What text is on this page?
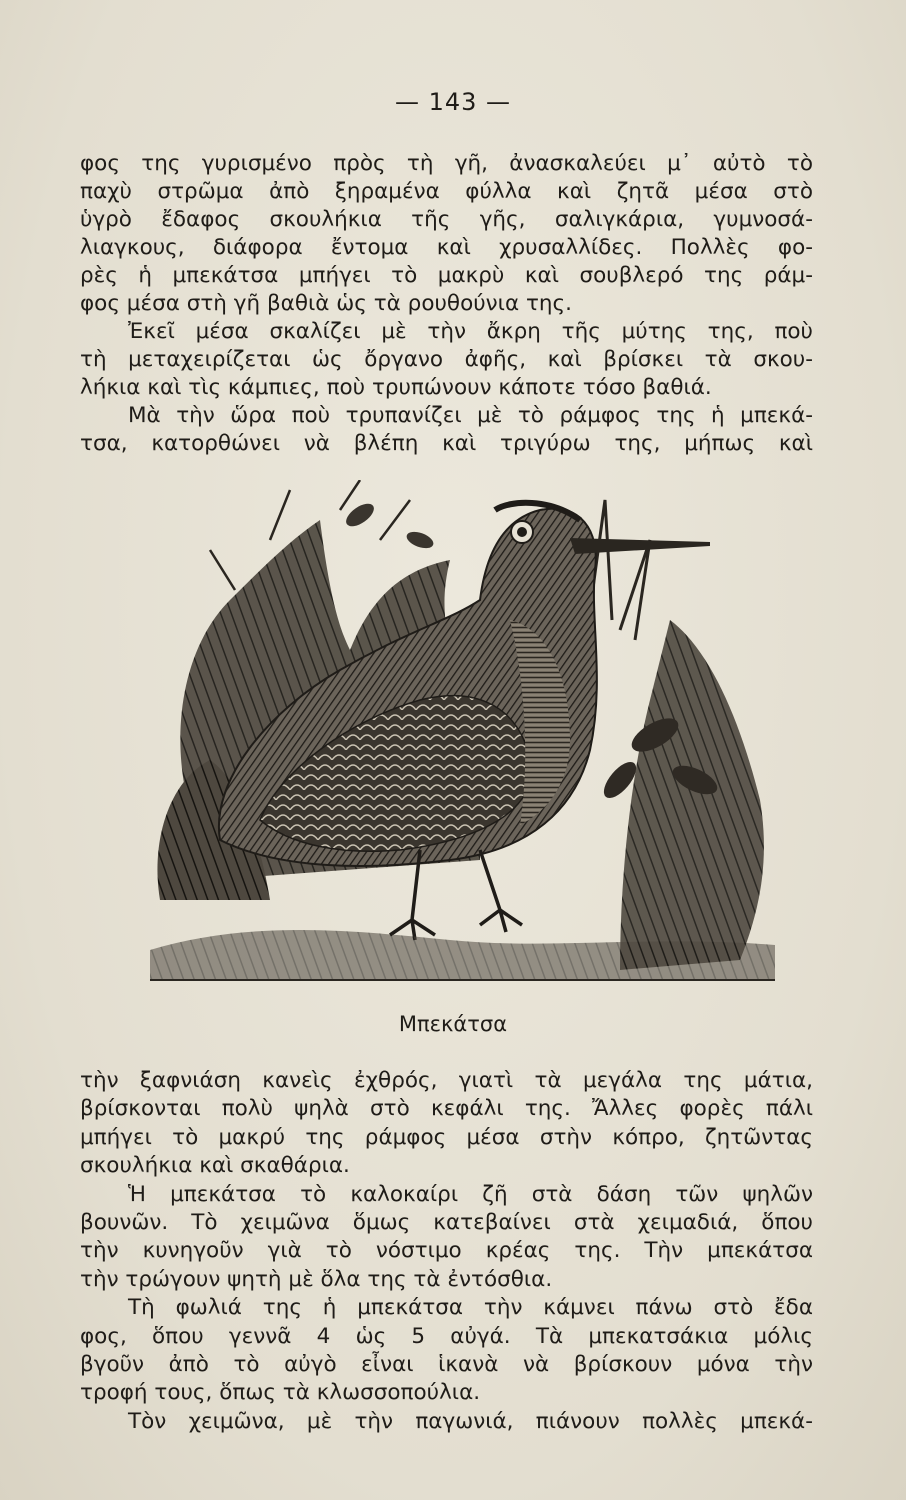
— 143 —
φος της γυρισμένο πρὸς τὴ γῆ, ἀνασκαλεύει μ᾿ αὐτὸ τὸ
παχὺ στρῶμα ἀπὸ ξηραμένα φύλλα καὶ ζητᾶ μέσα στὸ
ὑγρὸ ἔδαφος σκουλήκια τῆς γῆς, σαλιγκάρια, γυμνοσά-
λιαγκους, διάφορα ἔντομα καὶ χρυσαλλίδες. Πολλὲς φο-
ρὲς ἡ μπεκάτσα μπήγει τὸ μακρὺ καὶ σουβλερό της ράμ-
φος μέσα στὴ γῆ βαθιὰ ὡς τὰ ρουθούνια της.
Ἐκεῖ μέσα σκαλίζει μὲ τὴν ἄκρη τῆς μύτης της, ποὺ
τὴ μεταχειρίζεται ὡς ὄργανο ἀφῆς, καὶ βρίσκει τὰ σκου-
λήκια καὶ τὶς κάμπιες, ποὺ τρυπώνουν κάποτε τόσο βαθιά.
Μὰ τὴν ὥρα ποὺ τρυπανίζει μὲ τὸ ράμφος της ἡ μπεκά-
τσα, κατορθώνει νὰ βλέπη καὶ τριγύρω της, μήπως καὶ
Μπεκάτσα
τὴν ξαφνιάση κανεὶς ἐχθρός, γιατὶ τὰ μεγάλα της μάτια,
βρίσκονται πολὺ ψηλὰ στὸ κεφάλι της. Ἄλλες φορὲς πάλι
μπήγει τὸ μακρύ της ράμφος μέσα στὴν κόπρο, ζητῶντας
σκουλήκια καὶ σκαθάρια.
Ἡ μπεκάτσα τὸ καλοκαίρι ζῆ στὰ δάση τῶν ψηλῶν
βουνῶν. Τὸ χειμῶνα ὅμως κατεβαίνει στὰ χειμαδιά, ὅπου
τὴν κυνηγοῦν γιὰ τὸ νόστιμο κρέας της. Τὴν μπεκάτσα
τὴν τρώγουν ψητὴ μὲ ὅλα της τὰ ἐντόσθια.
Τὴ φωλιά της ἡ μπεκάτσα τὴν κάμνει πάνω στὸ ἔδα
φος, ὅπου γεννᾶ 4 ὡς 5 αὐγά. Τὰ μπεκατσάκια μόλις
βγοῦν ἀπὸ τὸ αὐγὸ εἶναι ἱκανὰ νὰ βρίσκουν μόνα τὴν
τροφή τους, ὅπως τὰ κλωσσοπούλια.
Τὸν χειμῶνα, μὲ τὴν παγωνιά, πιάνουν πολλὲς μπεκά-
